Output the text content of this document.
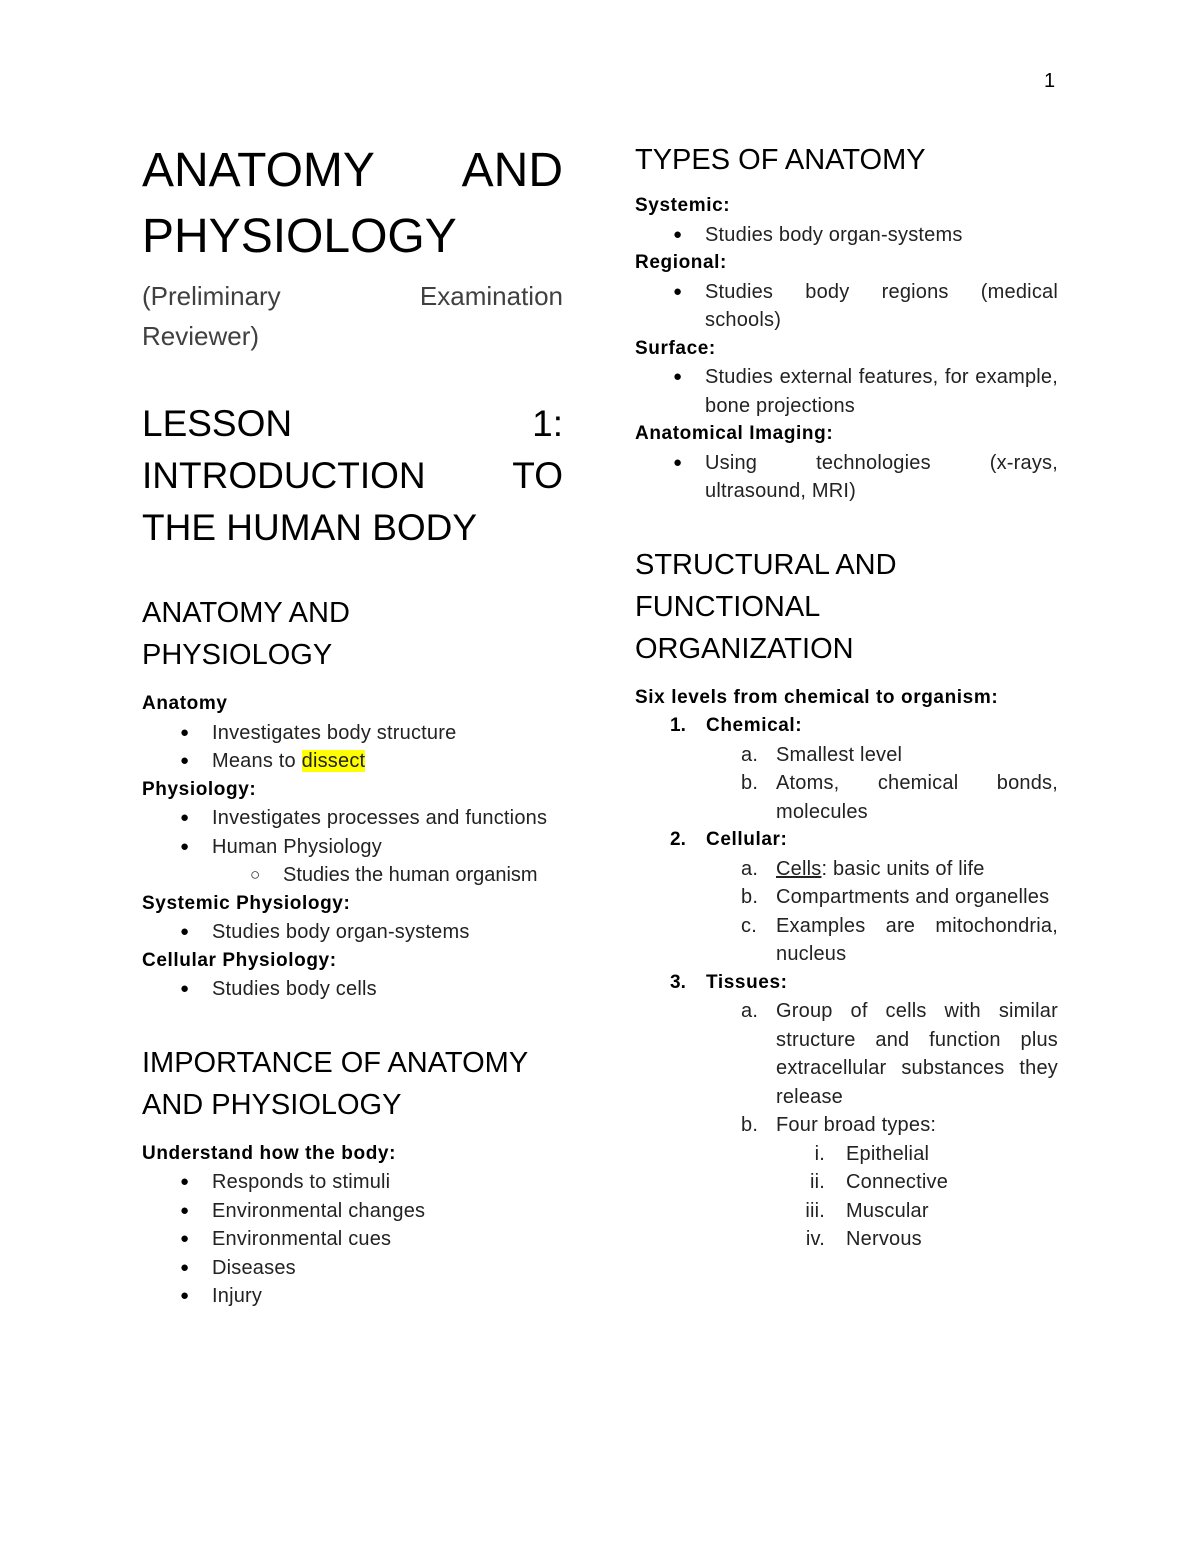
1
ANATOMY AND
PHYSIOLOGY
(Preliminary	Examination
Reviewer)
LESSON	1:
INTRODUCTION TO
THE HUMAN BODY
ANATOMY AND PHYSIOLOGY

Anatomy

● Investigates body structure
● Means to dissect

Physiology:

● Investigates processes and functions
● Human Physiology
○ Studies the human organism

Systemic Physiology:

● Studies body organ-systems

Cellular Physiology:

● Studies body cells
IMPORTANCE OF ANATOMY AND PHYSIOLOGY

Understand how the body:

● Responds to stimuli
● Environmental changes
● Environmental cues
● Diseases
● Injury
TYPES OF ANATOMY

Systemic:

● Studies body organ-systems

Regional:

● Studies body regions (medical schools)

Surface:

● Studies external features, for example, bone projections

Anatomical Imaging:

● Using technologies (x-rays, ultrasound, MRI)
STRUCTURAL AND FUNCTIONAL ORGANIZATION

Six levels from chemical to organism:

1. Chemical:
a. Smallest level
b. Atoms, chemical bonds, molecules
2. Cellular:
a. Cells: basic units of life
b. Compartments and organelles
c. Examples are mitochondria, nucleus
3. Tissues:
a. Group of cells with similar structure and function plus extracellular substances they release
b. Four broad types:
i. Epithelial
ii. Connective
iii. Muscular
iv. Nervous
